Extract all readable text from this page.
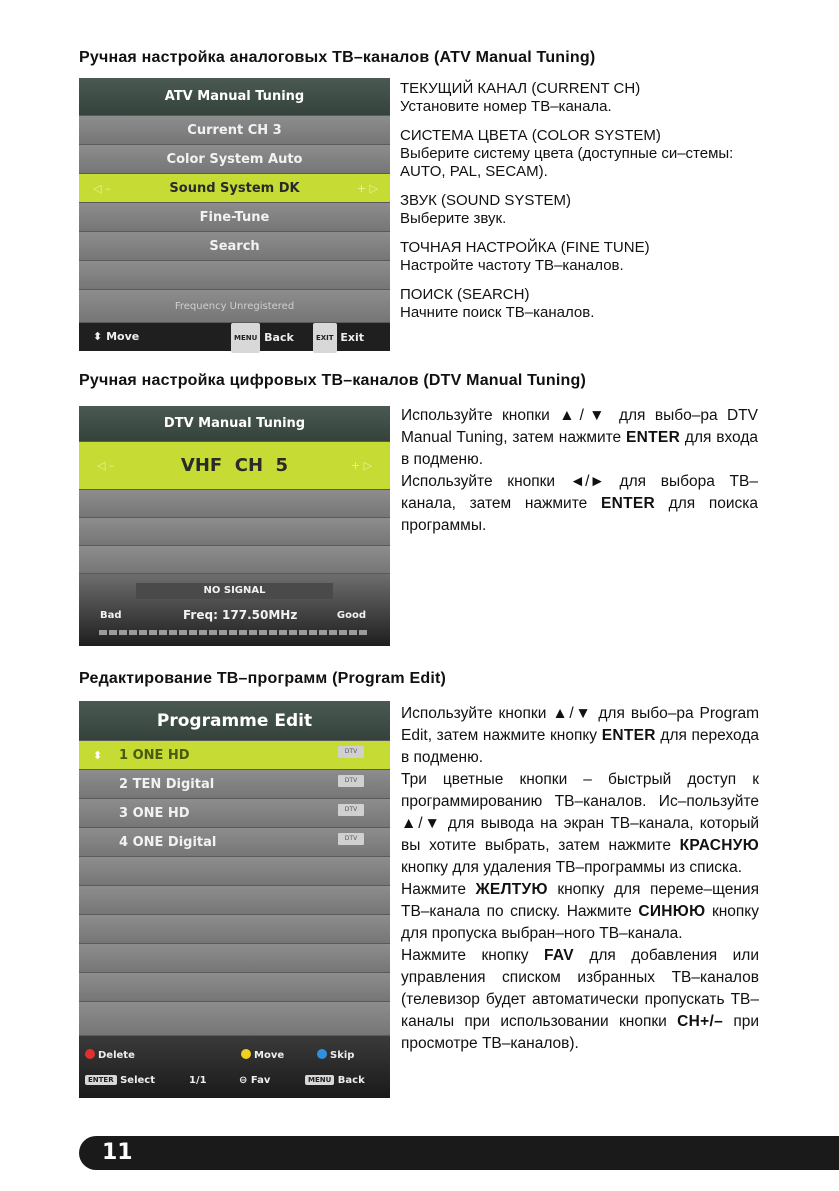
Ручная настройка аналоговых ТВ–каналов (ATV Manual Tuning)
ATV Manual Tuning
Current CH 3
Color System Auto
◁ –	Sound System DK	+ ▷
Fine-Tune
Search
Frequency Unregistered
⬍ Move	MENU Back	EXIT Exit
ТЕКУЩИЙ КАНАЛ (CURRENT CH)
Установите номер ТВ–канала.
СИСТЕМА ЦВЕТА (COLOR SYSTEM)
Выберите систему цвета (доступные си–стемы: AUTO, PAL, SECAM).
ЗВУК (SOUND SYSTEM)
Выберите звук.
ТОЧНАЯ НАСТРОЙКА (FINE TUNE)
Настройте частоту ТВ–каналов.
ПОИСК (SEARCH)
Начните поиск ТВ–каналов.
Ручная настройка цифровых ТВ–каналов (DTV Manual Tuning)
DTV Manual Tuning
◁ –	VHF  CH  5	+ ▷
NO SIGNAL
Bad	Freq: 177.50MHz	Good
Используйте кнопки ▲/▼ для выбо–ра DTV Manual Tuning, затем нажмите ENTER для входа в подменю.
Используйте кнопки ◄/► для выбора ТВ–канала, затем нажмите ENTER для поиска программы.
Редактирование ТВ–программ (Program Edit)
Programme Edit
⬍ 1 ONE HD	DTV
2 TEN Digital	DTV
3 ONE HD	DTV
4 ONE Digital	DTV
Delete	Move	Skip
ENTER Select	1/1	⊖ Fav	MENU Back
Используйте кнопки ▲/▼ для выбо–ра Program Edit, затем нажмите кнопку ENTER для перехода в подменю.
Три цветные кнопки – быстрый доступ к программированию ТВ–каналов. Ис–пользуйте ▲/▼ для вывода на экран ТВ–канала, который вы хотите выбрать, затем нажмите КРАСНУЮ кнопку для удаления ТВ–программы из списка.
Нажмите ЖЕЛТУЮ кнопку для переме–щения ТВ–канала по списку. Нажмите СИНЮЮ кнопку для пропуска выбран–ного ТВ–канала.
Нажмите кнопку FAV для добавления или управления списком избранных ТВ–каналов (телевизор будет автоматически пропускать ТВ–каналы при использовании кнопки CH+/– при просмотре ТВ–каналов).
11
